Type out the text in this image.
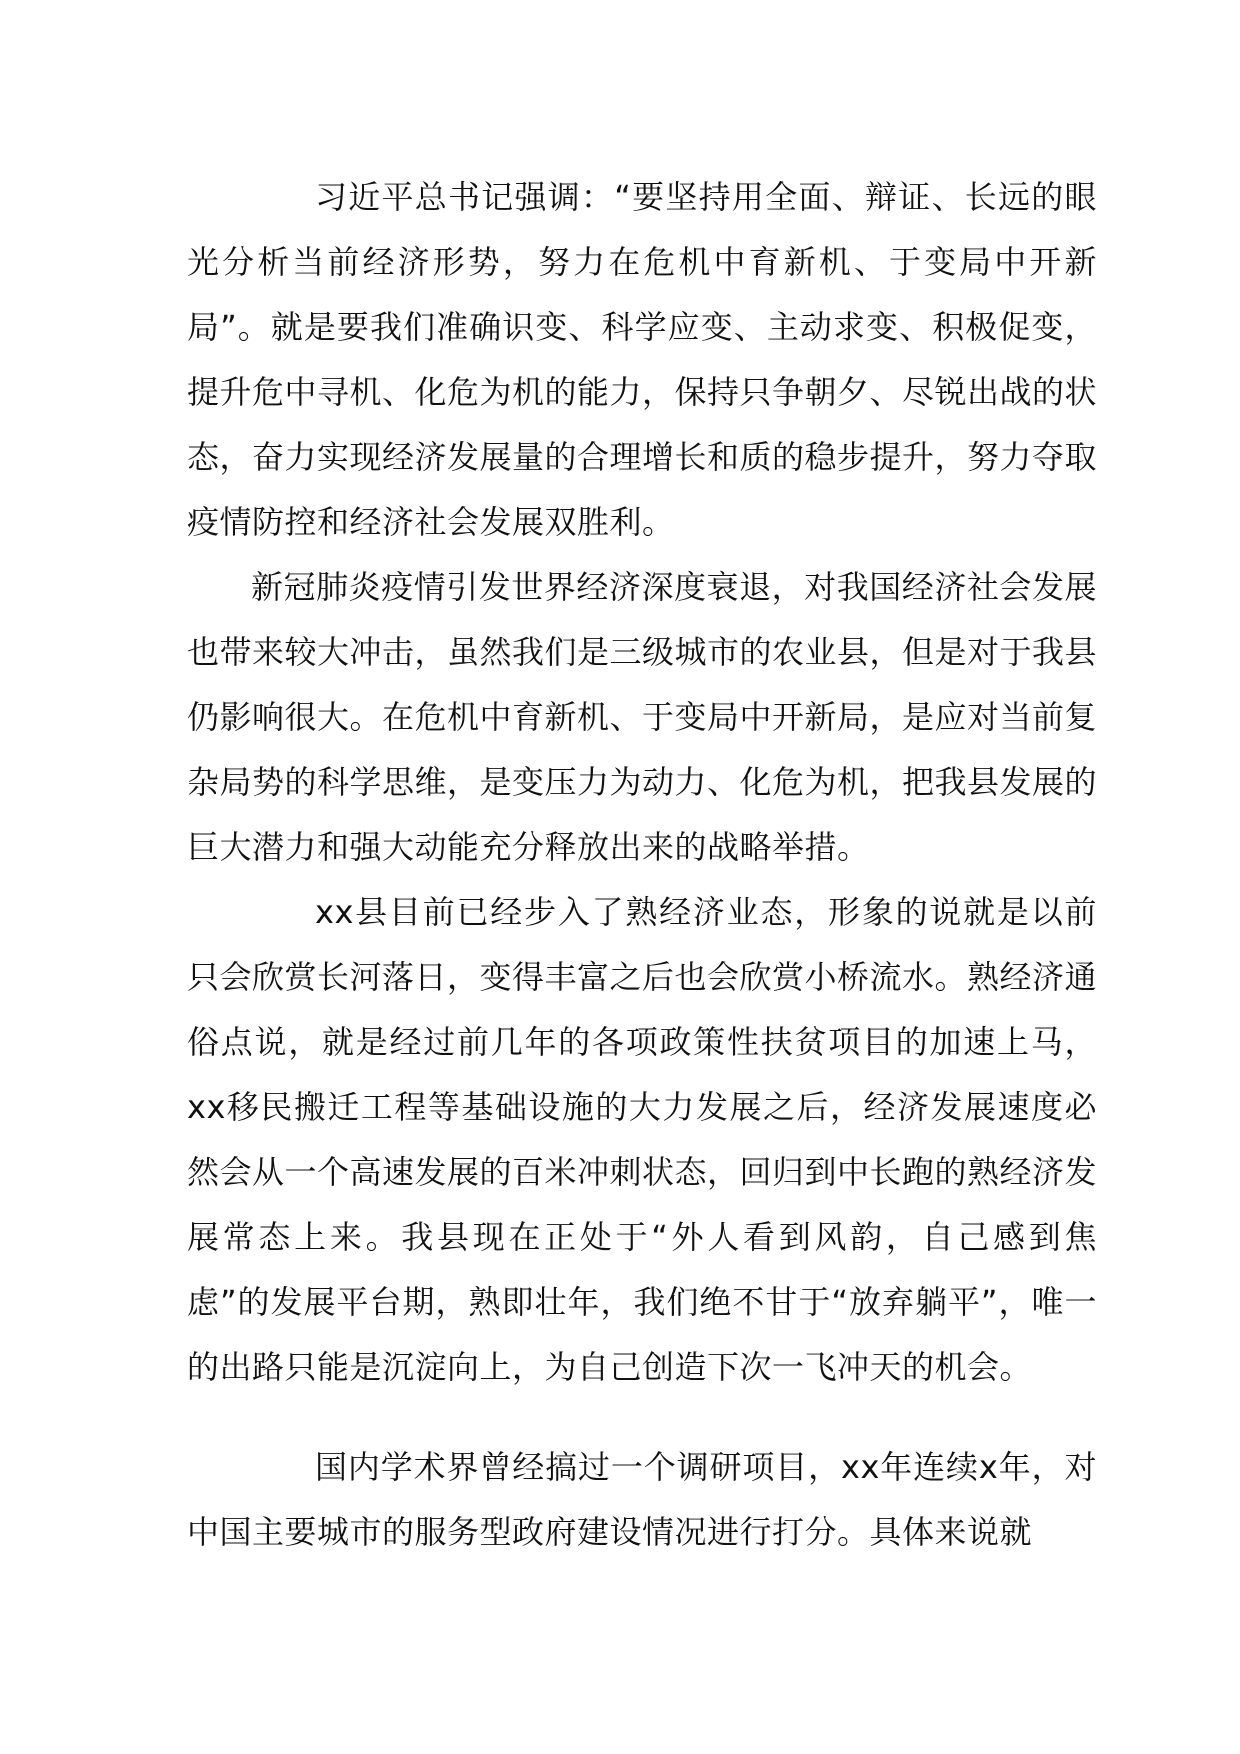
习近平总书记强调：“要坚持用全面、辩证、长远的眼光分析当前经济形势，努力在危机中育新机、于变局中开新局”。就是要我们准确识变、科学应变、主动求变、积极促变，提升危中寻机、化危为机的能力，保持只争朝夕、尽锐出战的状态，奋力实现经济发展量的合理增长和质的稳步提升，努力夺取疫情防控和经济社会发展双胜利。

新冠肺炎疫情引发世界经济深度衰退，对我国经济社会发展也带来较大冲击，虽然我们是三级城市的农业县，但是对于我县仍影响很大。在危机中育新机、于变局中开新局，是应对当前复杂局势的科学思维，是变压力为动力、化危为机，把我县发展的巨大潜力和强大动能充分释放出来的战略举措。

xx县目前已经步入了熟经济业态，形象的说就是以前只会欣赏长河落日，变得丰富之后也会欣赏小桥流水。熟经济通俗点说，就是经过前几年的各项政策性扶贫项目的加速上马，xx移民搬迁工程等基础设施的大力发展之后，经济发展速度必然会从一个高速发展的百米冲刺状态，回归到中长跑的熟经济发展常态上来。我县现在正处于“外人看到风韵，自己感到焦虑”的发展平台期，熟即壮年，我们绝不甘于“放弃躺平”，唯一的出路只能是沉淀向上，为自己创造下次一飞冲天的机会。

国内学术界曾经搞过一个调研项目，xx年连续x年，对中国主要城市的服务型政府建设情况进行打分。具体来说就
